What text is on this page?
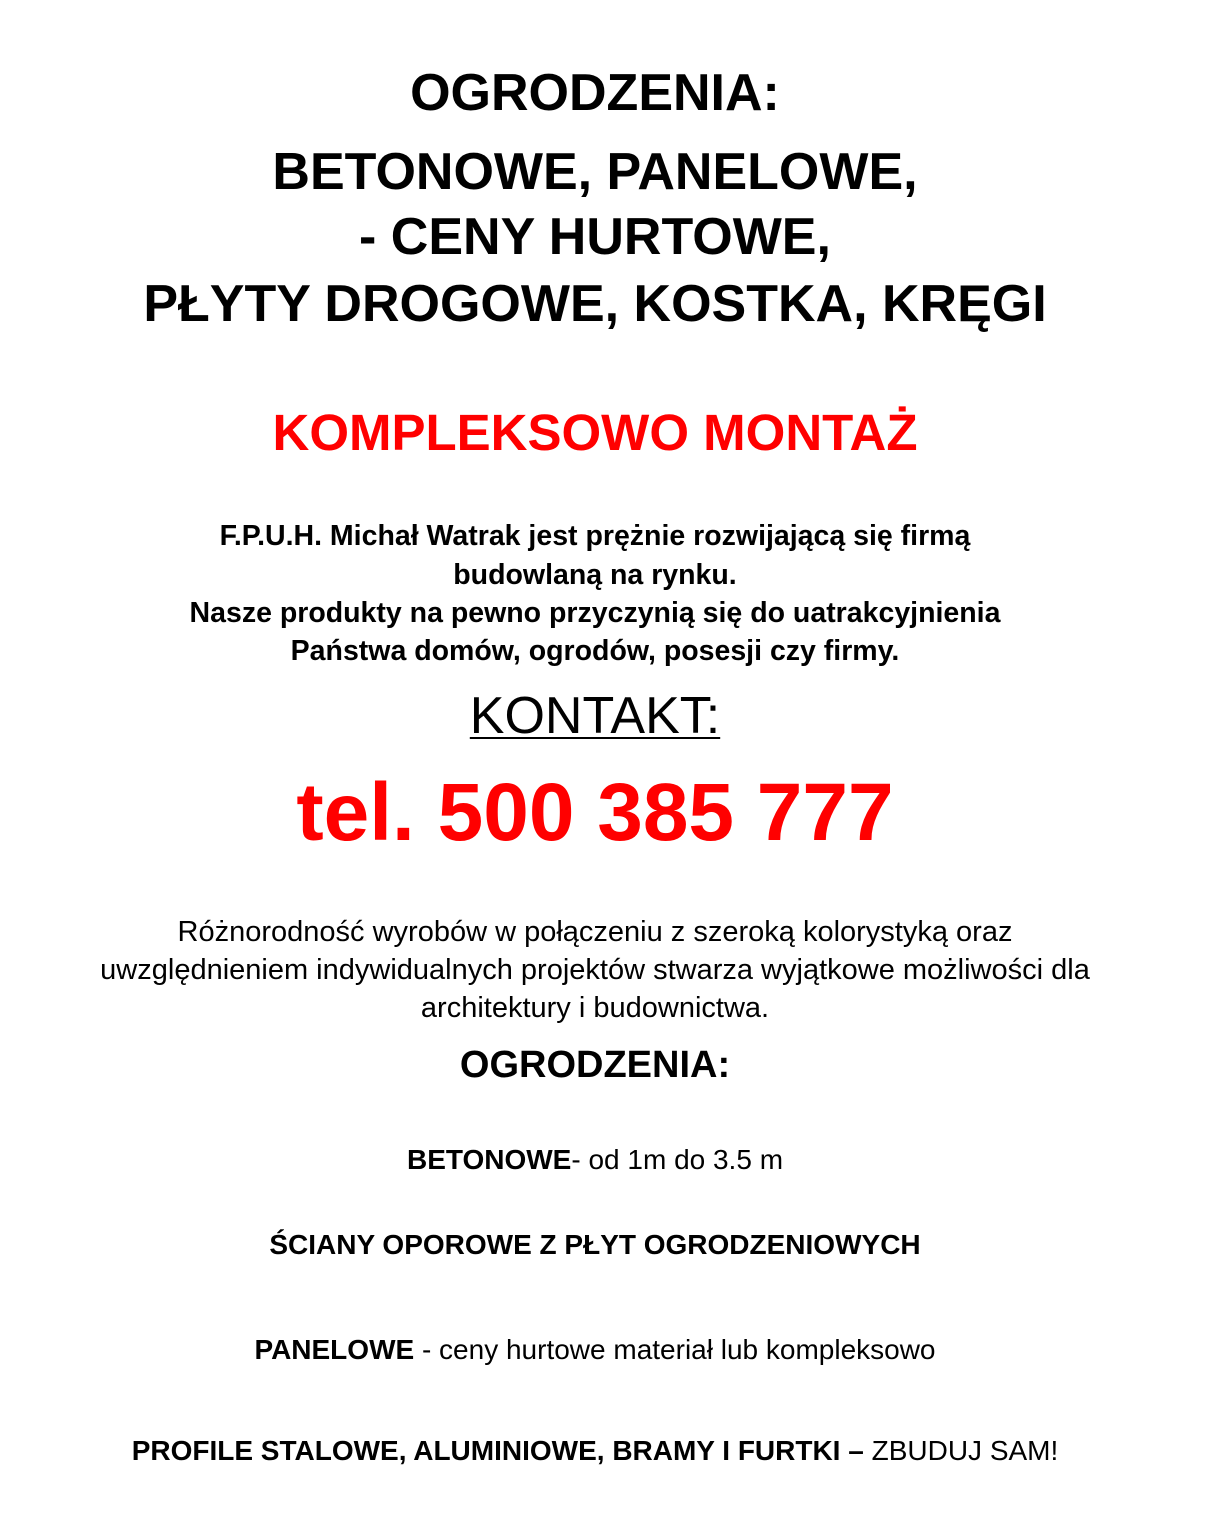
OGRODZENIA:
BETONOWE, PANELOWE,
- CENY HURTOWE,
PŁYTY DROGOWE, KOSTKA, KRĘGI
KOMPLEKSOWO MONTAŻ
F.P.U.H. Michał Watrak jest prężnie rozwijającą się firmą
budowlaną na rynku.
Nasze produkty na pewno przyczynią się do uatrakcyjnienia
Państwa domów, ogrodów, posesji czy firmy.
KONTAKT:
tel. 500 385 777
Różnorodność wyrobów w połączeniu z szeroką kolorystyką oraz
uwzględnieniem indywidualnych projektów stwarza wyjątkowe możliwości dla
architektury i budownictwa.
OGRODZENIA:
BETONOWE- od 1m do 3.5 m
ŚCIANY OPOROWE Z PŁYT OGRODZENIOWYCH
PANELOWE - ceny hurtowe materiał lub kompleksowo
PROFILE STALOWE, ALUMINIOWE, BRAMY I FURTKI – ZBUDUJ SAM!
